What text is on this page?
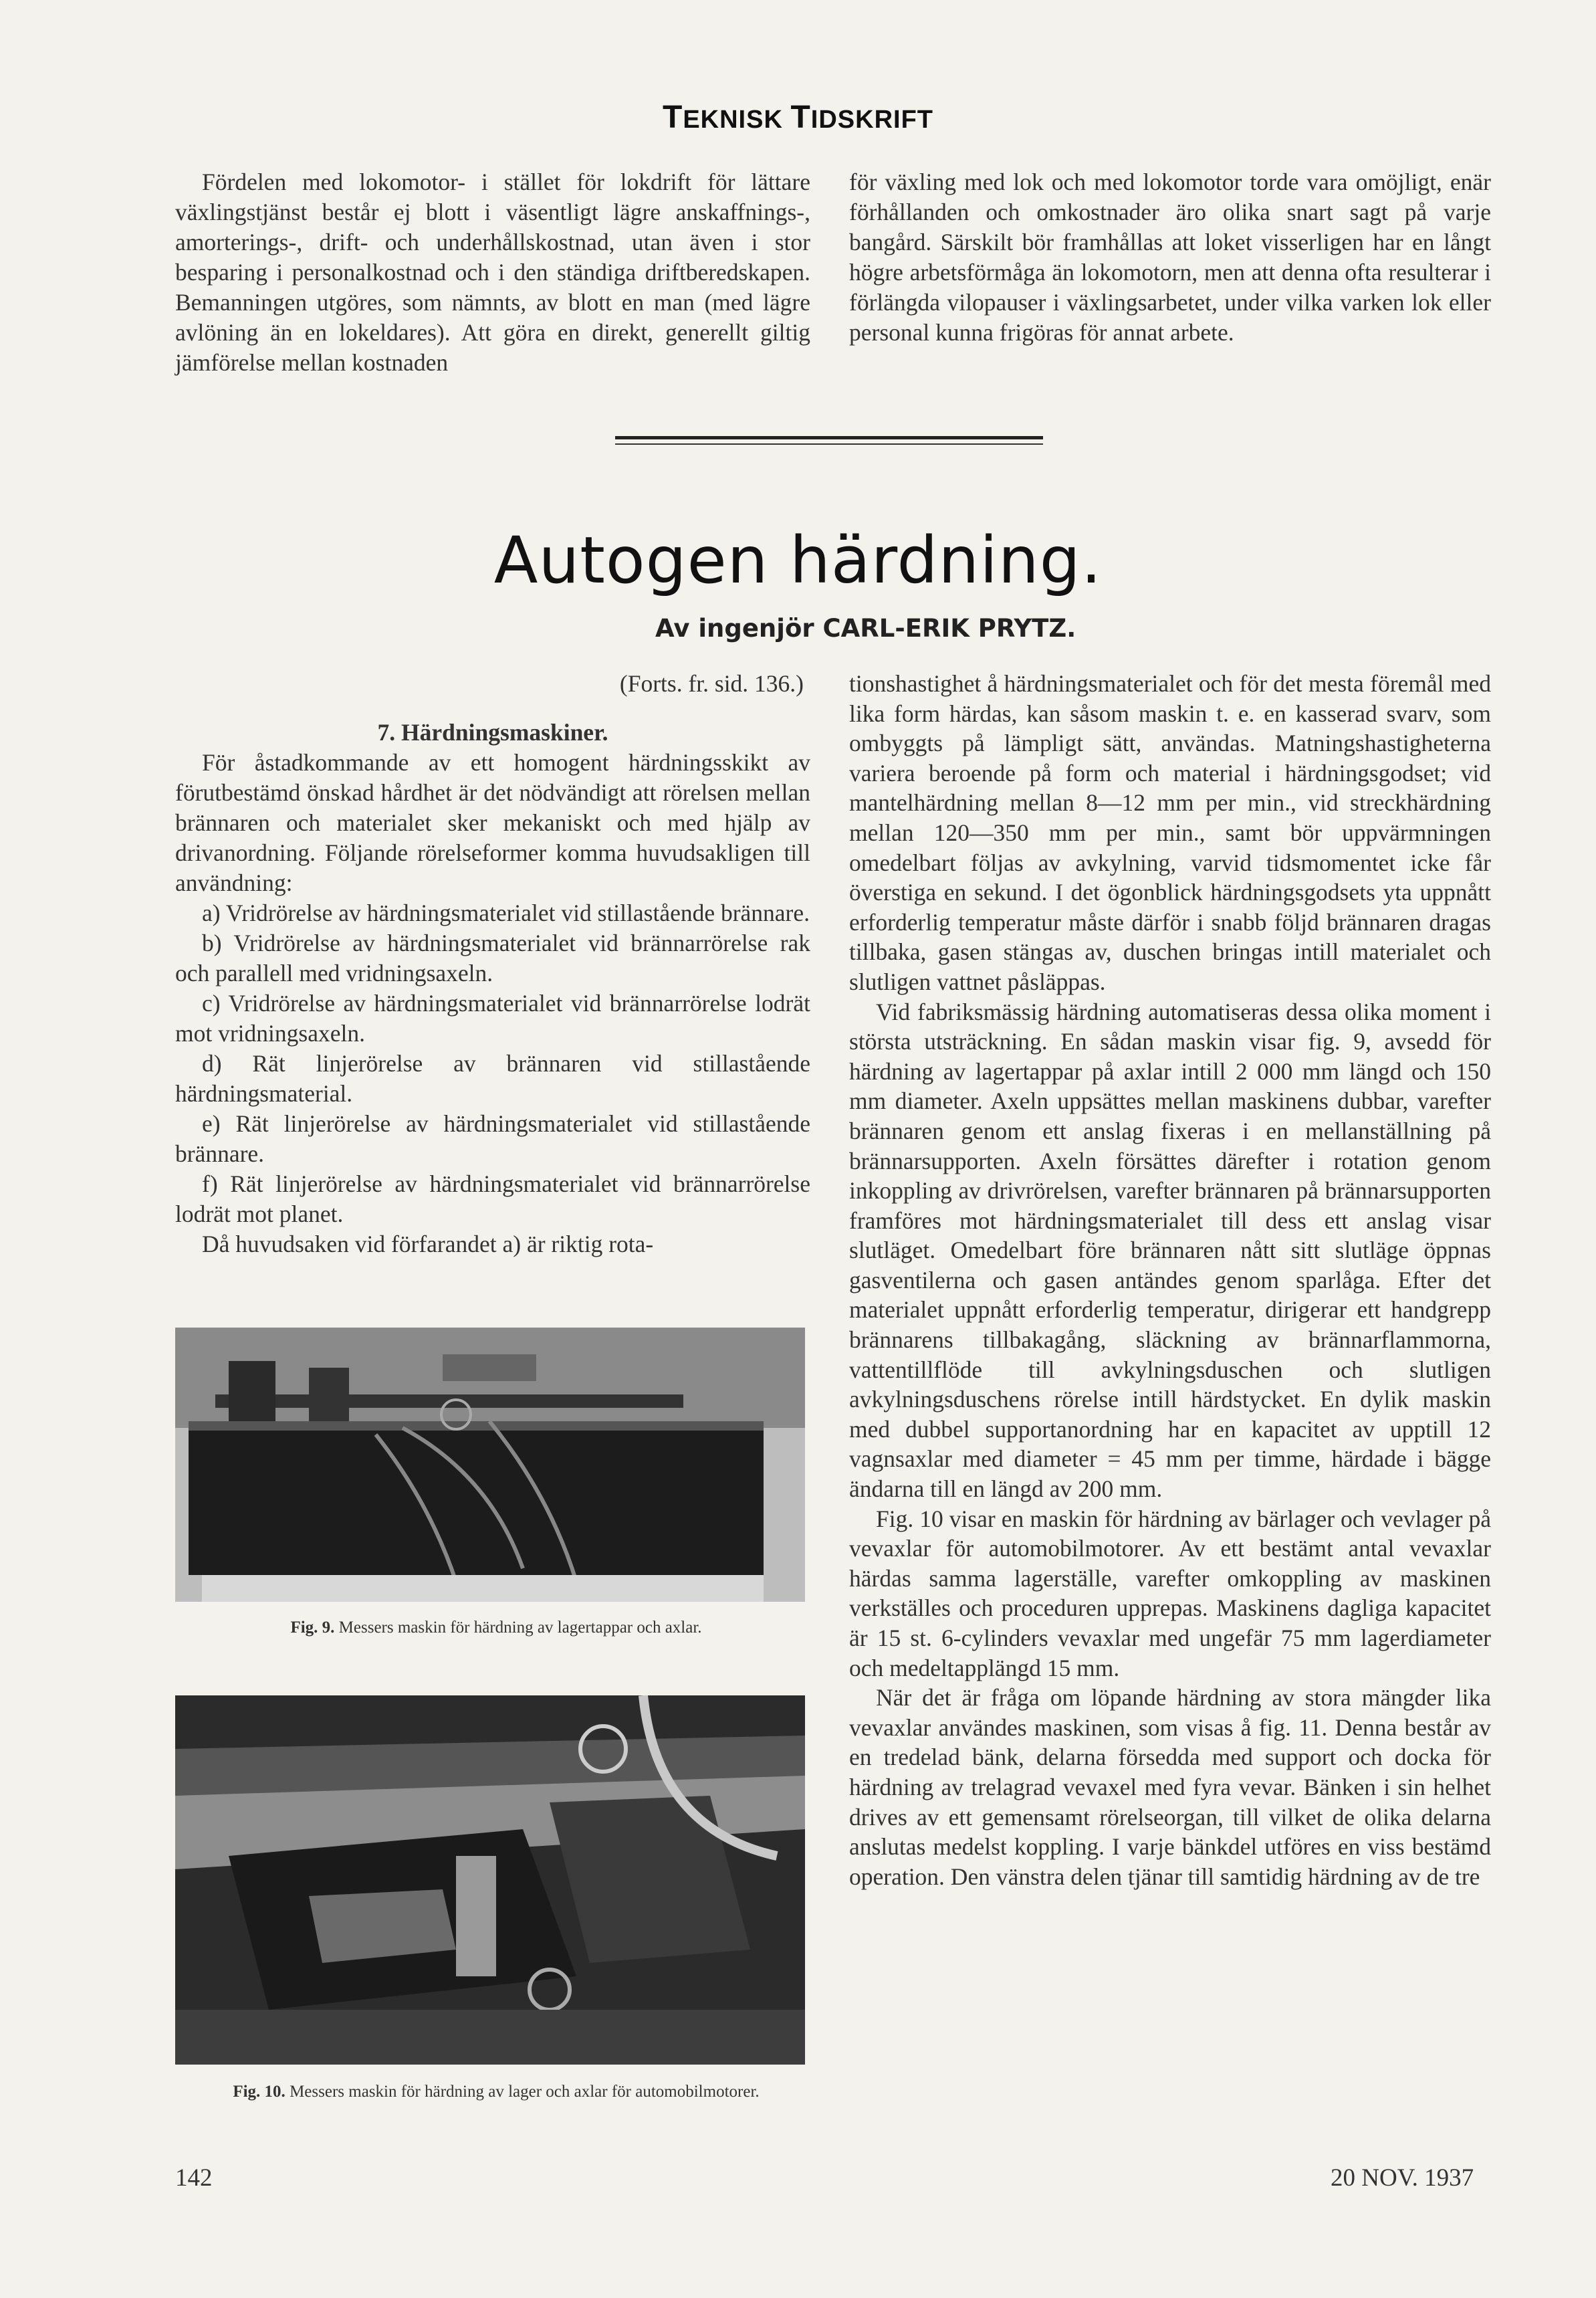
TEKNISK TIDSKRIFT

Fördelen med lokomotor- i stället för lokdrift för lättare växlingstjänst består ej blott i väsentligt lägre anskaffnings-, amorterings-, drift- och underhållskostnad, utan även i stor besparing i personalkostnad och i den ständiga driftberedskapen. Bemanningen utgöres, som nämnts, av blott en man (med lägre avlöning än en lokeldares). Att göra en direkt, generellt giltig jämförelse mellan kostnaden

för växling med lok och med lokomotor torde vara omöjligt, enär förhållanden och omkostnader äro olika snart sagt på varje bangård. Särskilt bör framhållas att loket visserligen har en långt högre arbetsförmåga än lokomotorn, men att denna ofta resulterar i förlängda vilopauser i växlingsarbetet, under vilka varken lok eller personal kunna frigöras för annat arbete.

Autogen härdning.
Av ingenjör CARL-ERIK PRYTZ.

(Forts. fr. sid. 136.)

7. Härdningsmaskiner.

För åstadkommande av ett homogent härdningsskikt av förutbestämd önskad hårdhet är det nödvändigt att rörelsen mellan brännaren och materialet sker mekaniskt och med hjälp av drivanordning. Följande rörelseformer komma huvudsakligen till användning:

a) Vridrörelse av härdningsmaterialet vid stillastående brännare.

b) Vridrörelse av härdningsmaterialet vid brännarrörelse rak och parallell med vridningsaxeln.

c) Vridrörelse av härdningsmaterialet vid brännarrörelse lodrät mot vridningsaxeln.

d) Rät linjerörelse av brännaren vid stillastående härdningsmaterial.

e) Rät linjerörelse av härdningsmaterialet vid stillastående brännare.

f) Rät linjerörelse av härdningsmaterialet vid brännarrörelse lodrät mot planet.

Då huvudsaken vid förfarandet a) är riktig rota-

Fig. 9. Messers maskin för härdning av lagertappar och axlar.
Fig. 10. Messers maskin för härdning av lager och axlar för automobilmotorer.

tionshastighet å härdningsmaterialet och för det mesta föremål med lika form härdas, kan såsom maskin t. e. en kasserad svarv, som ombyggts på lämpligt sätt, användas. Matningshastigheterna variera beroende på form och material i härdningsgodset; vid mantelhärdning mellan 8—12 mm per min., vid streckhärdning mellan 120—350 mm per min., samt bör uppvärmningen omedelbart följas av avkylning, varvid tidsmomentet icke får överstiga en sekund. I det ögonblick härdningsgodsets yta uppnått erforderlig temperatur måste därför i snabb följd brännaren dragas tillbaka, gasen stängas av, duschen bringas intill materialet och slutligen vattnet påsläppas.

Vid fabriksmässig härdning automatiseras dessa olika moment i största utsträckning. En sådan maskin visar fig. 9, avsedd för härdning av lagertappar på axlar intill 2 000 mm längd och 150 mm diameter. Axeln uppsättes mellan maskinens dubbar, varefter brännaren genom ett anslag fixeras i en mellanställning på brännarsupporten. Axeln försättes därefter i rotation genom inkoppling av drivrörelsen, varefter brännaren på brännarsupporten framföres mot härdningsmaterialet till dess ett anslag visar slutläget. Omedelbart före brännaren nått sitt slutläge öppnas gasventilerna och gasen antändes genom sparlåga. Efter det materialet uppnått erforderlig temperatur, dirigerar ett handgrepp brännarens tillbakagång, släckning av brännarflammorna, vattentillflöde till avkylningsduschen och slutligen avkylningsduschens rörelse intill härdstycket. En dylik maskin med dubbel supportanordning har en kapacitet av upptill 12 vagnsaxlar med diameter = 45 mm per timme, härdade i bägge ändarna till en längd av 200 mm.

Fig. 10 visar en maskin för härdning av bärlager och vevlager på vevaxlar för automobilmotorer. Av ett bestämt antal vevaxlar härdas samma lagerställe, varefter omkoppling av maskinen verkställes och proceduren upprepas. Maskinens dagliga kapacitet är 15 st. 6-cylinders vevaxlar med ungefär 75 mm lagerdiameter och medeltapplängd 15 mm.

När det är fråga om löpande härdning av stora mängder lika vevaxlar användes maskinen, som visas å fig. 11. Denna består av en tredelad bänk, delarna försedda med support och docka för härdning av trelagrad vevaxel med fyra vevar. Bänken i sin helhet drives av ett gemensamt rörelseorgan, till vilket de olika delarna anslutas medelst koppling. I varje bänkdel utföres en viss bestämd operation. Den vänstra delen tjänar till samtidig härdning av de tre

142	20 NOV. 1937
